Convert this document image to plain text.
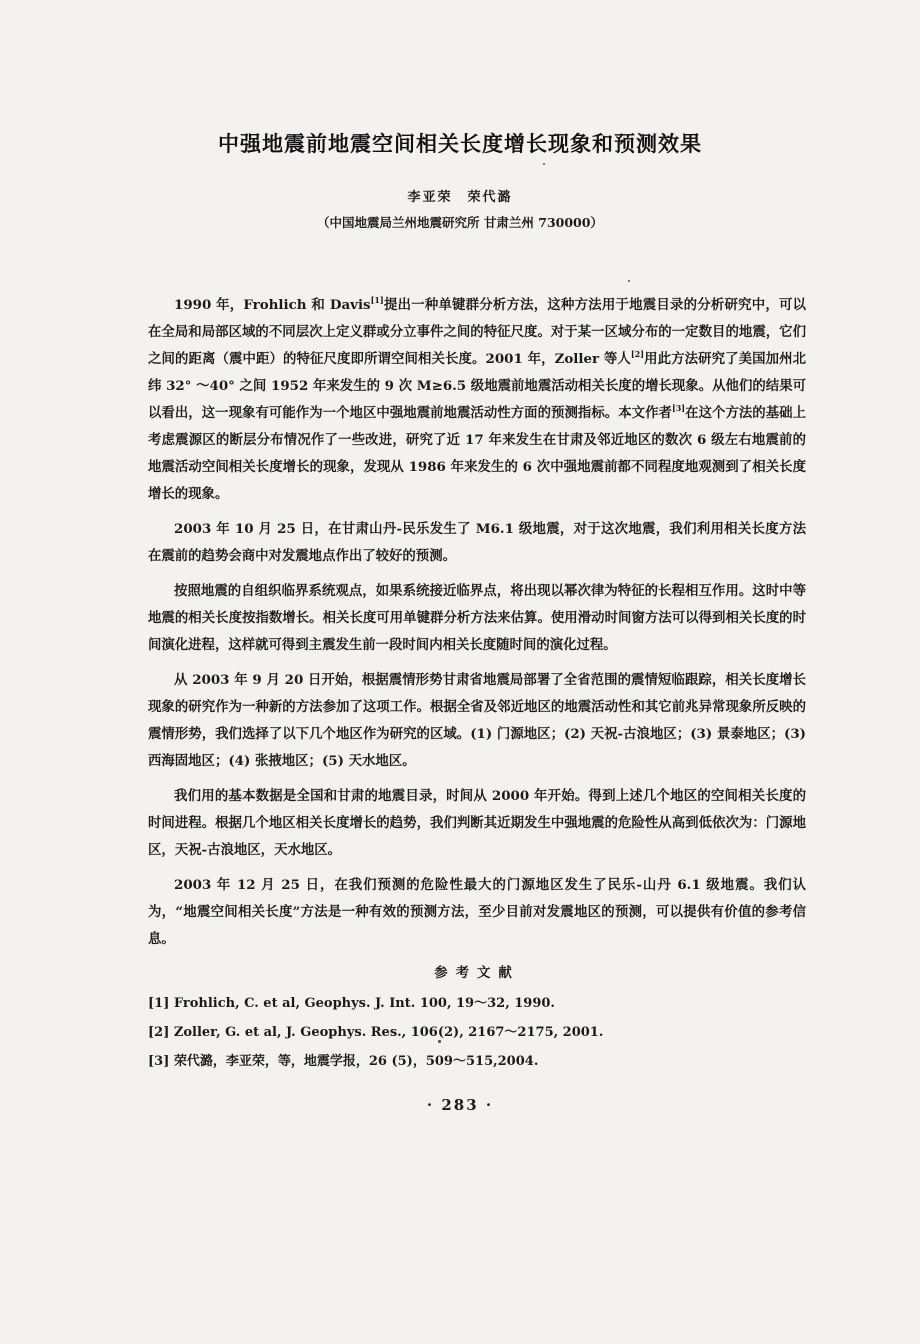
中强地震前地震空间相关长度增长现象和预测效果
李亚荣　荣代潞
（中国地震局兰州地震研究所 甘肃兰州 730000）

1990 年，Frohlich 和 Davis[1]提出一种单键群分析方法，这种方法用于地震目录的分析研究中，可以在全局和局部区域的不同层次上定义群或分立事件之间的特征尺度。对于某一区域分布的一定数目的地震，它们之间的距离（震中距）的特征尺度即所谓空间相关长度。2001 年，Zoller 等人[2]用此方法研究了美国加州北纬 32° ～40° 之间 1952 年来发生的 9 次 M≥6.5 级地震前地震活动相关长度的增长现象。从他们的结果可以看出，这一现象有可能作为一个地区中强地震前地震活动性方面的预测指标。本文作者[3]在这个方法的基础上考虑震源区的断层分布情况作了一些改进，研究了近 17 年来发生在甘肃及邻近地区的数次 6 级左右地震前的地震活动空间相关长度增长的现象，发现从 1986 年来发生的 6 次中强地震前都不同程度地观测到了相关长度增长的现象。

2003 年 10 月 25 日，在甘肃山丹-民乐发生了 M6.1 级地震，对于这次地震，我们利用相关长度方法在震前的趋势会商中对发震地点作出了较好的预测。

按照地震的自组织临界系统观点，如果系统接近临界点，将出现以幂次律为特征的长程相互作用。这时中等地震的相关长度按指数增长。相关长度可用单键群分析方法来估算。使用滑动时间窗方法可以得到相关长度的时间演化进程，这样就可得到主震发生前一段时间内相关长度随时间的演化过程。

从 2003 年 9 月 20 日开始，根据震情形势甘肃省地震局部署了全省范围的震情短临跟踪，相关长度增长现象的研究作为一种新的方法参加了这项工作。根据全省及邻近地区的地震活动性和其它前兆异常现象所反映的震情形势，我们选择了以下几个地区作为研究的区域。(1) 门源地区；(2) 天祝-古浪地区；(3) 景泰地区；(3) 西海固地区；(4) 张掖地区；(5) 天水地区。

我们用的基本数据是全国和甘肃的地震目录，时间从 2000 年开始。得到上述几个地区的空间相关长度的时间进程。根据几个地区相关长度增长的趋势，我们判断其近期发生中强地震的危险性从高到低依次为：门源地区，天祝-古浪地区，天水地区。

2003 年 12 月 25 日，在我们预测的危险性最大的门源地区发生了民乐-山丹 6.1 级地震。我们认为，“地震空间相关长度”方法是一种有效的预测方法，至少目前对发震地区的预测，可以提供有价值的参考信息。

参考文献
[1] Frohlich, C. et al, Geophys. J. Int. 100, 19～32, 1990.
[2] Zoller, G. et al, J. Geophys. Res., 106(2), 2167～2175, 2001.
[3] 荣代潞，李亚荣，等，地震学报，26 (5)，509～515,2004.
· 283 ·
